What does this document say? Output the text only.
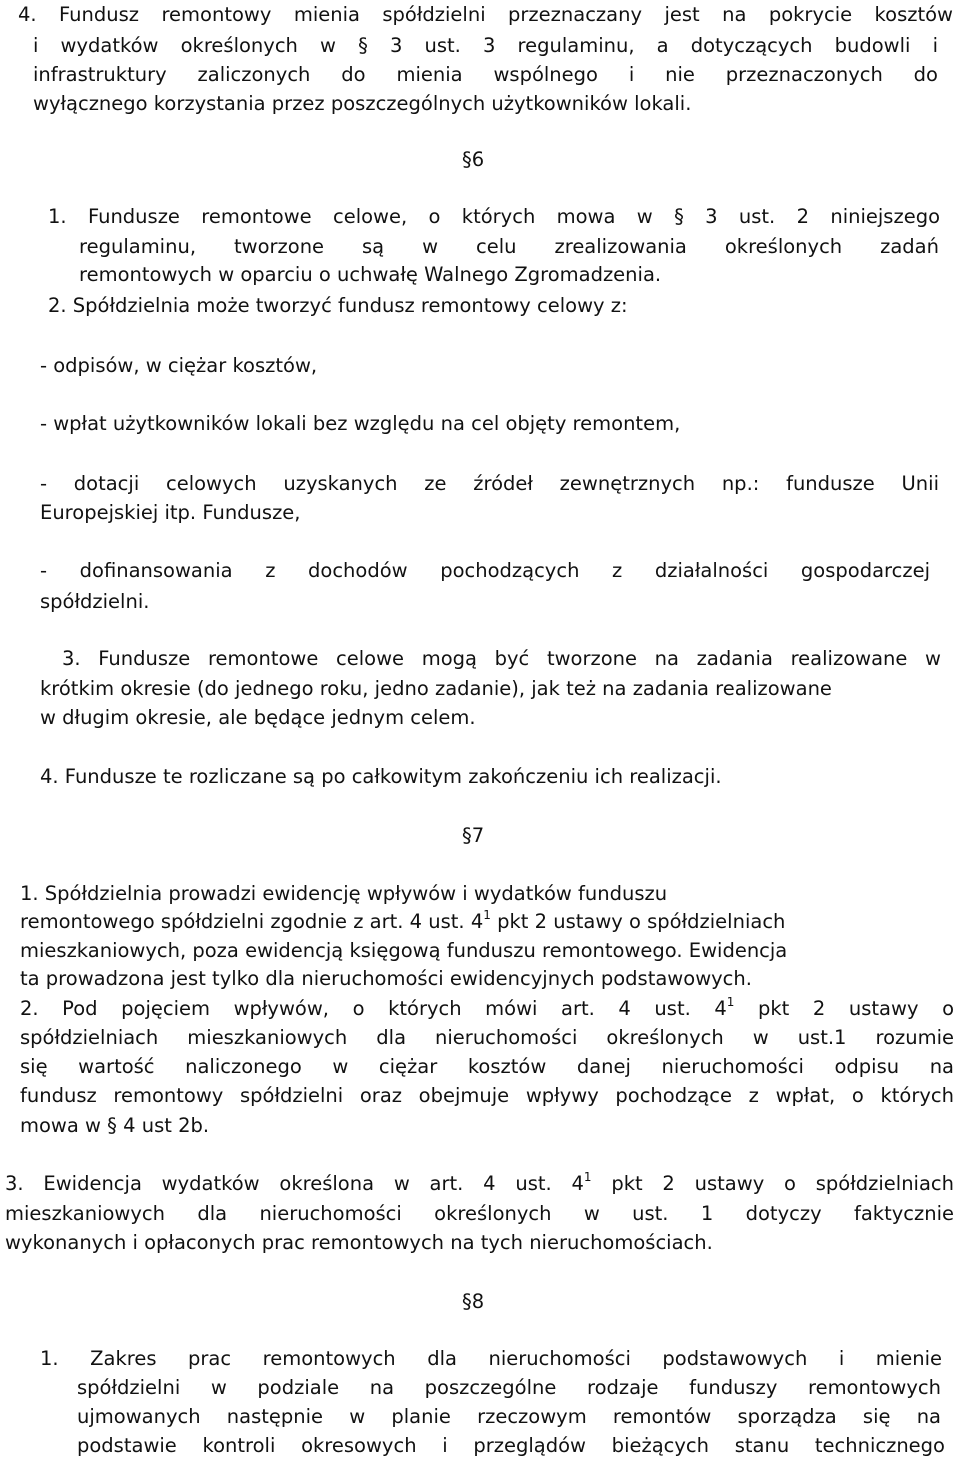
4. Fundusz remontowy mienia spółdzielni przeznaczany jest na pokrycie kosztów
i wydatków określonych w § 3 ust. 3 regulaminu, a dotyczących budowli i
infrastruktury zaliczonych do mienia wspólnego i nie przeznaczonych do
wyłącznego korzystania przez poszczególnych użytkowników lokali.
§6
1. Fundusze remontowe celowe, o których mowa w § 3 ust. 2 niniejszego
regulaminu, tworzone są w celu zrealizowania określonych zadań
remontowych w oparciu o uchwałę Walnego Zgromadzenia.
2. Spółdzielnia może tworzyć fundusz remontowy celowy z:
- odpisów, w ciężar kosztów,
- wpłat użytkowników lokali bez względu na cel objęty remontem,
- dotacji celowych uzyskanych ze źródeł zewnętrznych np.: fundusze Unii
Europejskiej itp. Fundusze,
- dofinansowania z dochodów pochodzących z działalności gospodarczej
spółdzielni.
3. Fundusze remontowe celowe mogą być tworzone na zadania realizowane w
krótkim okresie (do jednego roku, jedno zadanie), jak też na zadania realizowane
w długim okresie, ale będące jednym celem.
4. Fundusze te rozliczane są po całkowitym zakończeniu ich realizacji.
§7
1. Spółdzielnia prowadzi ewidencję wpływów i wydatków funduszu
remontowego spółdzielni zgodnie z art. 4 ust. $4^1$ pkt 2 ustawy o spółdzielniach
mieszkaniowych, poza ewidencją księgową funduszu remontowego. Ewidencja
ta prowadzona jest tylko dla nieruchomości ewidencyjnych podstawowych.
2. Pod pojęciem wpływów, o których mówi art. 4 ust. $4^1$ pkt 2 ustawy o
spółdzielniach mieszkaniowych dla nieruchomości określonych w ust.1 rozumie
się wartość naliczonego w ciężar kosztów danej nieruchomości odpisu na
fundusz remontowy spółdzielni oraz obejmuje wpływy pochodzące z wpłat, o których
mowa w § 4 ust 2b.
3. Ewidencja wydatków określona w art. 4 ust. $4^1$ pkt 2 ustawy o spółdzielniach
mieszkaniowych dla nieruchomości określonych w ust. 1 dotyczy faktycznie
wykonanych i opłaconych prac remontowych na tych nieruchomościach.
§8
1. Zakres prac remontowych dla nieruchomości podstawowych i mienie
spółdzielni w podziale na poszczególne rodzaje funduszy remontowych
ujmowanych następnie w planie rzeczowym remontów sporządza się na
podstawie kontroli okresowych i przeglądów bieżących stanu technicznego
